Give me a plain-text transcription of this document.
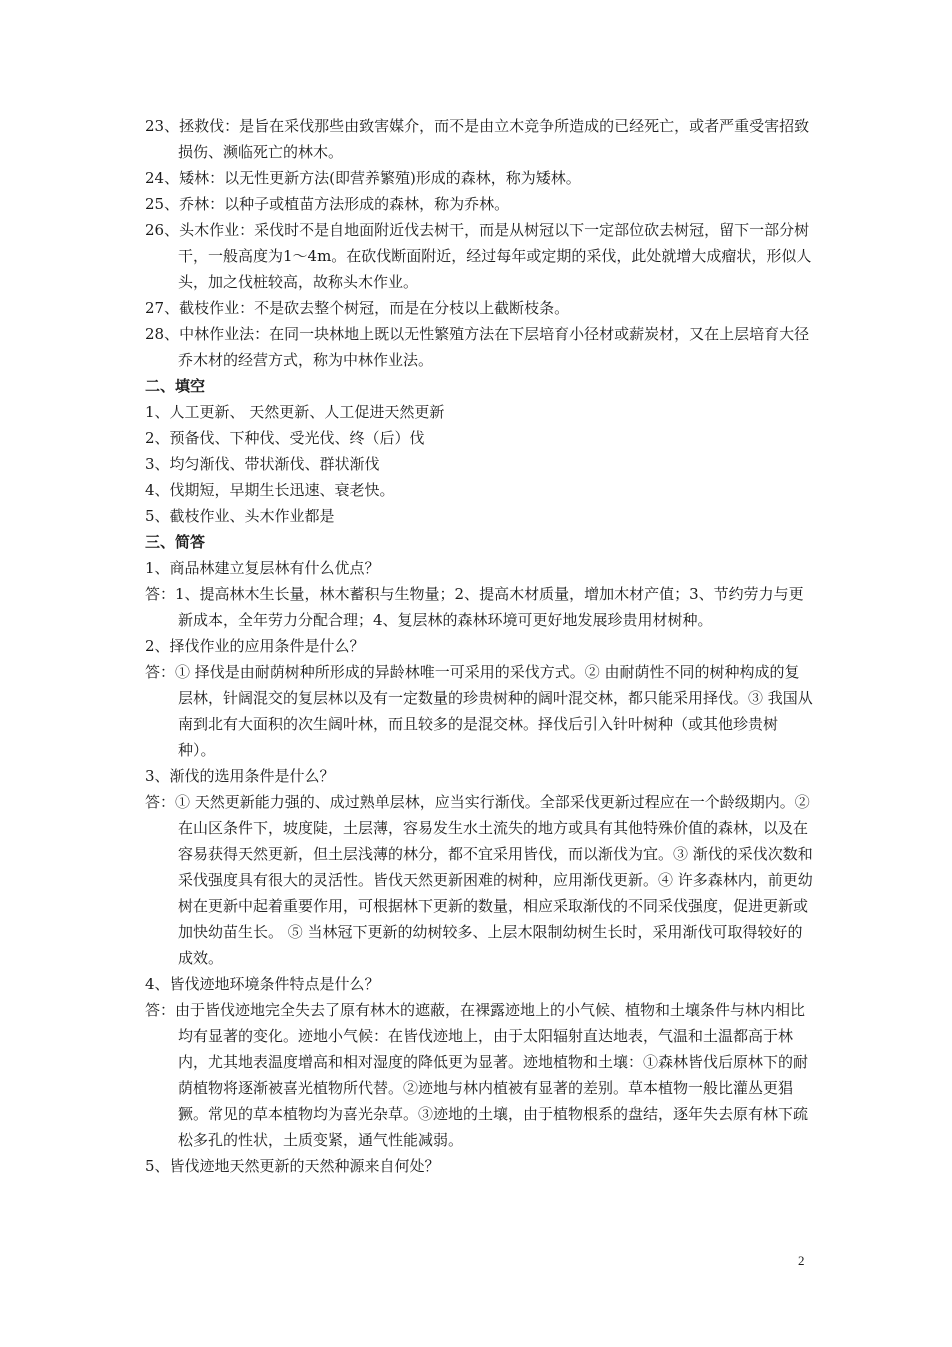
23、拯救伐：是旨在采伐那些由致害媒介，而不是由立木竞争所造成的已经死亡，或者严重受害招致损伤、濒临死亡的林木。

24、矮林：以无性更新方法(即营养繁殖)形成的森林，称为矮林。

25、乔林：以种子或植苗方法形成的森林，称为乔林。

26、头木作业：采伐时不是自地面附近伐去树干，而是从树冠以下一定部位砍去树冠，留下一部分树干，一般高度为1～4m。在砍伐断面附近，经过每年或定期的采伐，此处就增大成瘤状，形似人头，加之伐桩较高，故称头木作业。

27、截枝作业：不是砍去整个树冠，而是在分枝以上截断枝条。

28、中林作业法：在同一块林地上既以无性繁殖方法在下层培育小径材或薪炭材，又在上层培育大径乔木材的经营方式，称为中林作业法。

二、填空

1、人工更新、 天然更新、人工促进天然更新

2、预备伐、下种伐、受光伐、终（后）伐

3、均匀渐伐、带状渐伐、群状渐伐

4、伐期短，早期生长迅速、衰老快。

5、截枝作业、头木作业都是

三、简答

1、商品林建立复层林有什么优点？

答：1、提高林木生长量，林木蓄积与生物量；2、提高木材质量，增加木材产值；3、节约劳力与更新成本，全年劳力分配合理；4、复层林的森林环境可更好地发展珍贵用材树种。

2、择伐作业的应用条件是什么？

答：① 择伐是由耐荫树种所形成的异龄林唯一可采用的采伐方式。② 由耐荫性不同的树种构成的复层林，针阔混交的复层林以及有一定数量的珍贵树种的阔叶混交林，都只能采用择伐。③ 我国从南到北有大面积的次生阔叶林，而且较多的是混交林。择伐后引入针叶树种（或其他珍贵树种）。

3、渐伐的选用条件是什么？

答：① 天然更新能力强的、成过熟单层林，应当实行渐伐。全部采伐更新过程应在一个龄级期内。② 在山区条件下，坡度陡，土层薄，容易发生水土流失的地方或具有其他特殊价值的森林，以及在容易获得天然更新，但土层浅薄的林分，都不宜采用皆伐，而以渐伐为宜。③ 渐伐的采伐次数和采伐强度具有很大的灵活性。皆伐天然更新困难的树种，应用渐伐更新。④ 许多森林内，前更幼树在更新中起着重要作用，可根据林下更新的数量，相应采取渐伐的不同采伐强度，促进更新或加快幼苗生长。 ⑤ 当林冠下更新的幼树较多、上层木限制幼树生长时，采用渐伐可取得较好的成效。

4、皆伐迹地环境条件特点是什么？

答：由于皆伐迹地完全失去了原有林木的遮蔽，在裸露迹地上的小气候、植物和土壤条件与林内相比均有显著的变化。迹地小气候：在皆伐迹地上，由于太阳辐射直达地表，气温和土温都高于林内，尤其地表温度增高和相对湿度的降低更为显著。迹地植物和土壤：①森林皆伐后原林下的耐荫植物将逐渐被喜光植物所代替。②迹地与林内植被有显著的差别。草本植物一般比灌丛更猖獗。常见的草本植物均为喜光杂草。③迹地的土壤，由于植物根系的盘结，逐年失去原有林下疏松多孔的性状，土质变紧，通气性能减弱。

5、皆伐迹地天然更新的天然种源来自何处？

2
